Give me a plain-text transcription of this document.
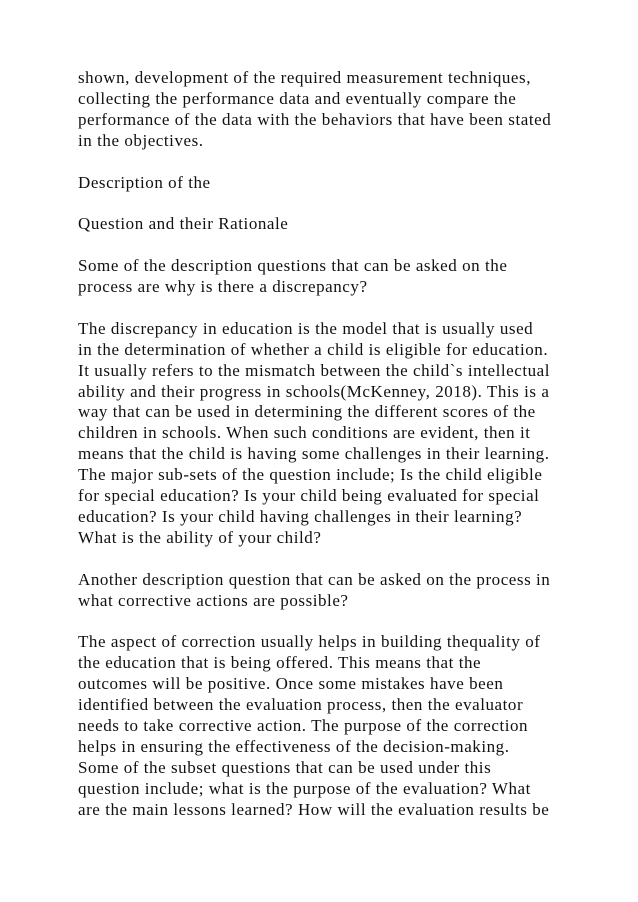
shown, development of the required measurement techniques,
collecting the performance data and eventually compare the
performance of the data with the behaviors that have been stated
in the objectives.

Description of the

Question and their Rationale

Some of the description questions that can be asked on the
process are why is there a discrepancy?

The discrepancy in education is the model that is usually used
in the determination of whether a child is eligible for education.
It usually refers to the mismatch between the child`s intellectual
ability and their progress in schools(McKenney, 2018). This is a
way that can be used in determining the different scores of the
children in schools. When such conditions are evident, then it
means that the child is having some challenges in their learning.
The major sub-sets of the question include; Is the child eligible
for special education? Is your child being evaluated for special
education? Is your child having challenges in their learning?
What is the ability of your child?

Another description question that can be asked on the process in
what corrective actions are possible?

The aspect of correction usually helps in building thequality of
the education that is being offered. This means that the
outcomes will be positive. Once some mistakes have been
identified between the evaluation process, then the evaluator
needs to take corrective action. The purpose of the correction
helps in ensuring the effectiveness of the decision-making.
Some of the subset questions that can be used under this
question include; what is the purpose of the evaluation? What
are the main lessons learned? How will the evaluation results be
